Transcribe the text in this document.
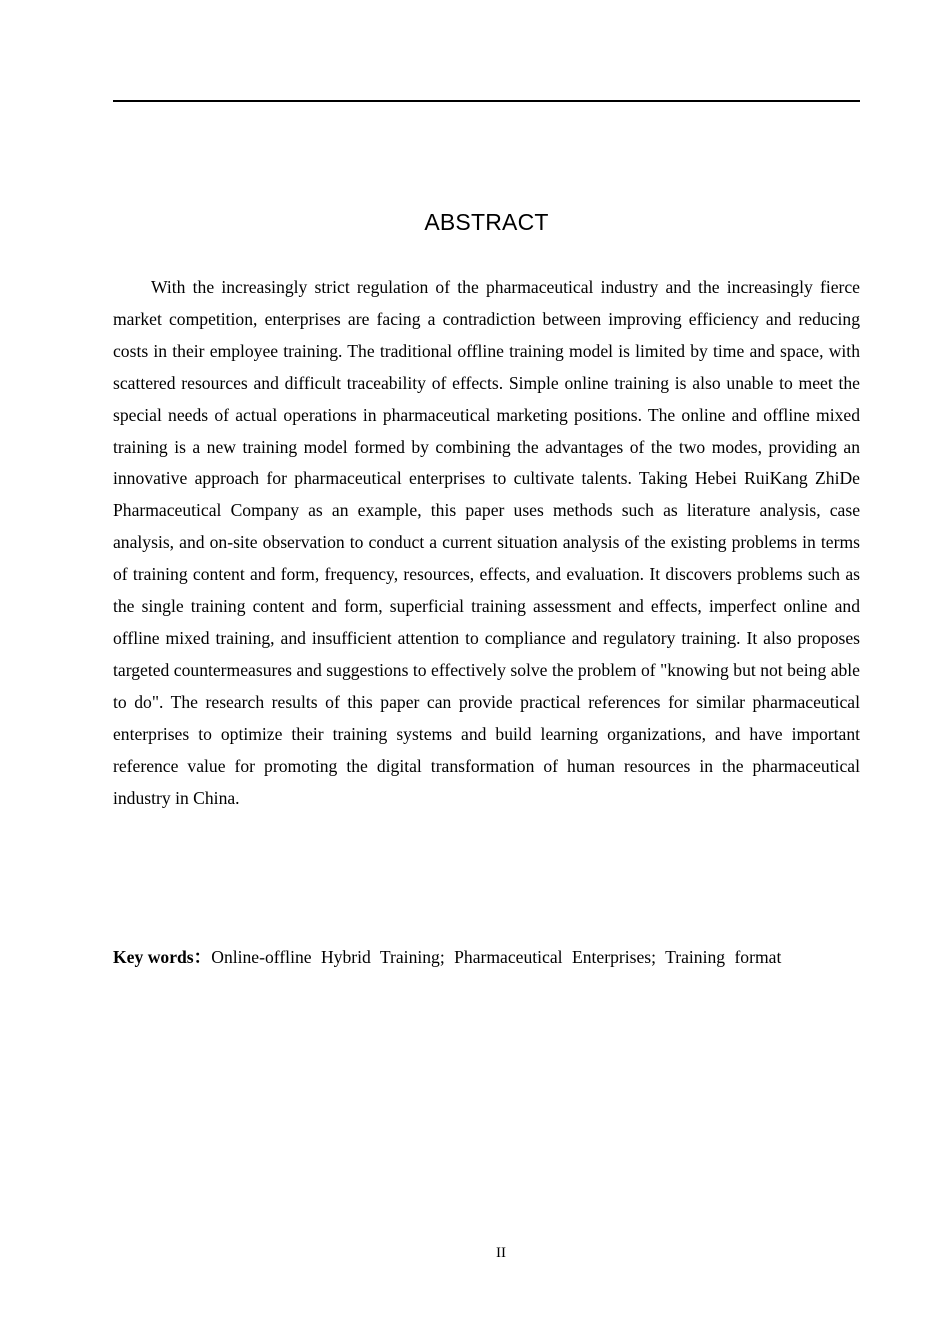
ABSTRACT

With the increasingly strict regulation of the pharmaceutical industry and the increasingly fierce market competition, enterprises are facing a contradiction between improving efficiency and reducing costs in their employee training. The traditional offline training model is limited by time and space, with scattered resources and difficult traceability of effects. Simple online training is also unable to meet the special needs of actual operations in pharmaceutical marketing positions. The online and offline mixed training is a new training model formed by combining the advantages of the two modes, providing an innovative approach for pharmaceutical enterprises to cultivate talents. Taking Hebei RuiKang ZhiDe Pharmaceutical Company as an example, this paper uses methods such as literature analysis, case analysis, and on-site observation to conduct a current situation analysis of the existing problems in terms of training content and form, frequency, resources, effects, and evaluation. It discovers problems such as the single training content and form, superficial training assessment and effects, imperfect online and offline mixed training, and insufficient attention to compliance and regulatory training. It also proposes targeted countermeasures and suggestions to effectively solve the problem of "knowing but not being able to do". The research results of this paper can provide practical references for similar pharmaceutical enterprises to optimize their training systems and build learning organizations, and have important reference value for promoting the digital transformation of human resources in the pharmaceutical industry in China.

Key words：Online-offline Hybrid Training; Pharmaceutical Enterprises; Training format

II
